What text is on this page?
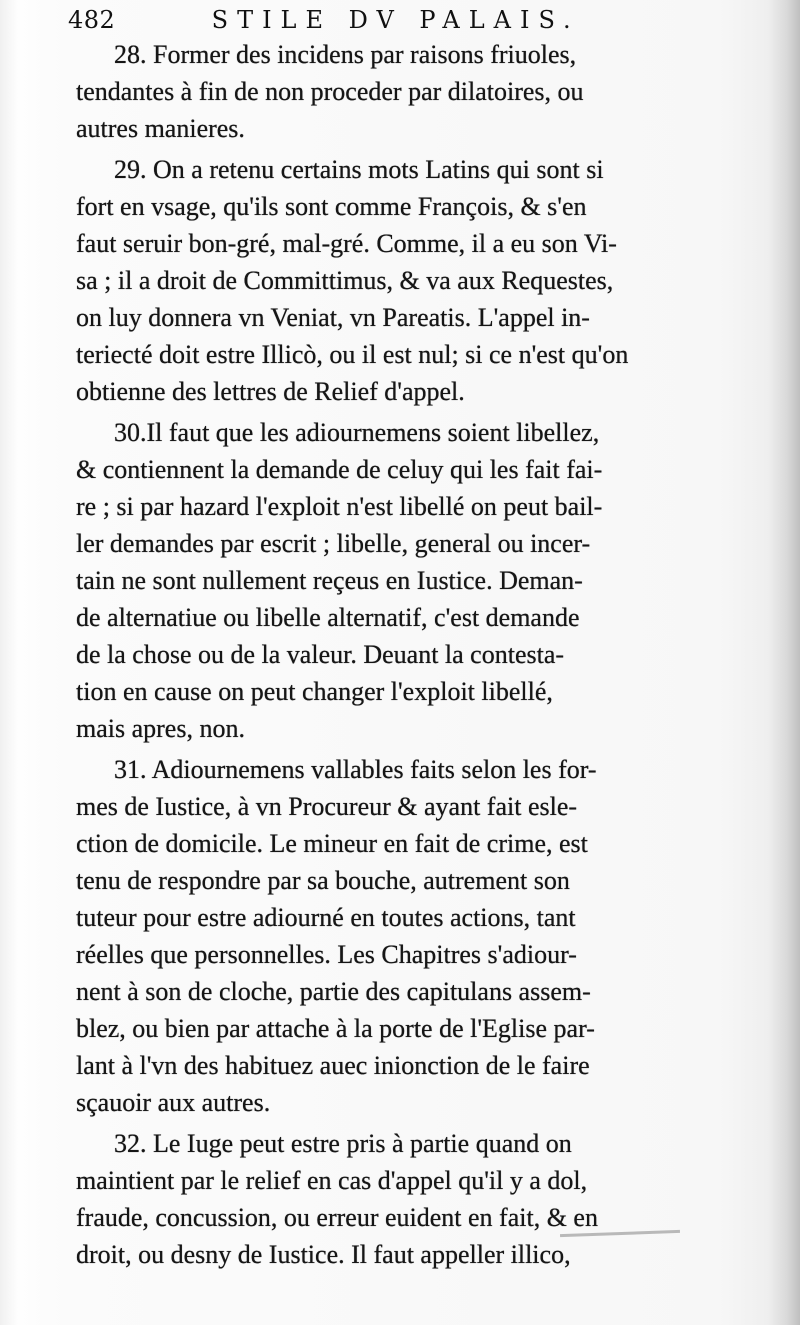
482	STILE DV PALAIS.

28. Former des incidens par raisons friuoles,
tendantes à fin de non proceder par dilatoires, ou
autres manieres.

29. On a retenu certains mots Latins qui sont si
fort en vsage, qu'ils sont comme François, & s'en
faut seruir bon-gré, mal-gré. Comme, il a eu son Vi-
sa ; il a droit de Committimus, & va aux Requestes,
on luy donnera vn Veniat, vn Pareatis. L'appel in-
teriecté doit estre Illicò, ou il est nul; si ce n'est qu'on
obtienne des lettres de Relief d'appel.

30.Il faut que les adiournemens soient libellez,
& contiennent la demande de celuy qui les fait fai-
re ; si par hazard l'exploit n'est libellé on peut bail-
ler demandes par escrit ; libelle, general ou incer-
tain ne sont nullement reçeus en Iustice. Deman-
de alternatiue ou libelle alternatif, c'est demande
de la chose ou de la valeur. Deuant la contesta-
tion en cause on peut changer l'exploit libellé,
mais apres, non.

31. Adiournemens vallables faits selon les for-
mes de Iustice, à vn Procureur & ayant fait esle-
ction de domicile. Le mineur en fait de crime, est
tenu de respondre par sa bouche, autrement son
tuteur pour estre adiourné en toutes actions, tant
réelles que personnelles. Les Chapitres s'adiour-
nent à son de cloche, partie des capitulans assem-
blez, ou bien par attache à la porte de l'Eglise par-
lant à l'vn des habituez auec inionction de le faire
sçauoir aux autres.

32. Le Iuge peut estre pris à partie quand on
maintient par le relief en cas d'appel qu'il y a dol,
fraude, concussion, ou erreur euident en fait, & en
droit, ou desny de Iustice. Il faut appeller illico,
